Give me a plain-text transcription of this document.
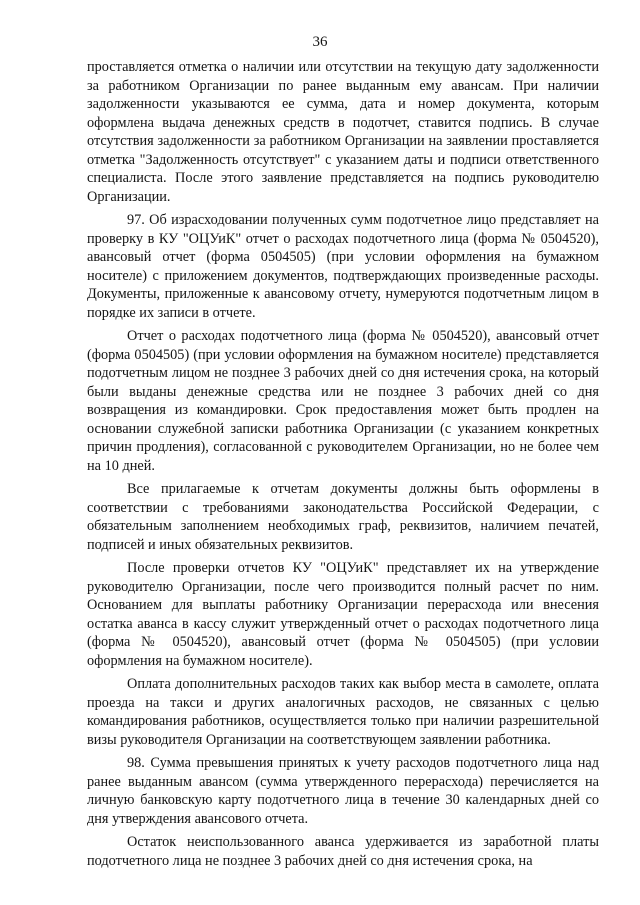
36

проставляется отметка о наличии или отсутствии на текущую дату задолженности за работником Организации по ранее выданным ему авансам. При наличии задолженности указываются ее сумма, дата и номер документа, которым оформлена выдача денежных средств в подотчет, ставится подпись. В случае отсутствия задолженности за работником Организации на заявлении проставляется отметка "Задолженность отсутствует" с указанием даты и подписи ответственного специалиста. После этого заявление представляется на подпись руководителю Организации.

97. Об израсходовании полученных сумм подотчетное лицо представляет на проверку в КУ "ОЦУиК" отчет о расходах подотчетного лица (форма № 0504520), авансовый отчет (форма 0504505) (при условии оформления на бумажном носителе) с приложением документов, подтверждающих произведенные расходы. Документы, приложенные к авансовому отчету, нумеруются подотчетным лицом в порядке их записи в отчете.

Отчет о расходах подотчетного лица (форма № 0504520), авансовый отчет (форма 0504505) (при условии оформления на бумажном носителе) представляется подотчетным лицом не позднее 3 рабочих дней со дня истечения срока, на который были выданы денежные средства или не позднее 3 рабочих дней со дня возвращения из командировки. Срок предоставления может быть продлен на основании служебной записки работника Организации (с указанием конкретных причин продления), согласованной с руководителем Организации, но не более чем на 10 дней.

Все прилагаемые к отчетам документы должны быть оформлены в соответствии с требованиями законодательства Российской Федерации, с обязательным заполнением необходимых граф, реквизитов, наличием печатей, подписей и иных обязательных реквизитов.

После проверки отчетов КУ "ОЦУиК" представляет их на утверждение руководителю Организации, после чего производится полный расчет по ним. Основанием для выплаты работнику Организации перерасхода или внесения остатка аванса в кассу служит утвержденный отчет о расходах подотчетного лица (форма № 0504520), авансовый отчет (форма № 0504505) (при условии оформления на бумажном носителе).

Оплата дополнительных расходов таких как выбор места в самолете, оплата проезда на такси и других аналогичных расходов, не связанных с целью командирования работников, осуществляется только при наличии разрешительной визы руководителя Организации на соответствующем заявлении работника.

98. Сумма превышения принятых к учету расходов подотчетного лица над ранее выданным авансом (сумма утвержденного перерасхода) перечисляется на личную банковскую карту подотчетного лица в течение 30 календарных дней со дня утверждения авансового отчета.

Остаток неиспользованного аванса удерживается из заработной платы подотчетного лица не позднее 3 рабочих дней со дня истечения срока, на
